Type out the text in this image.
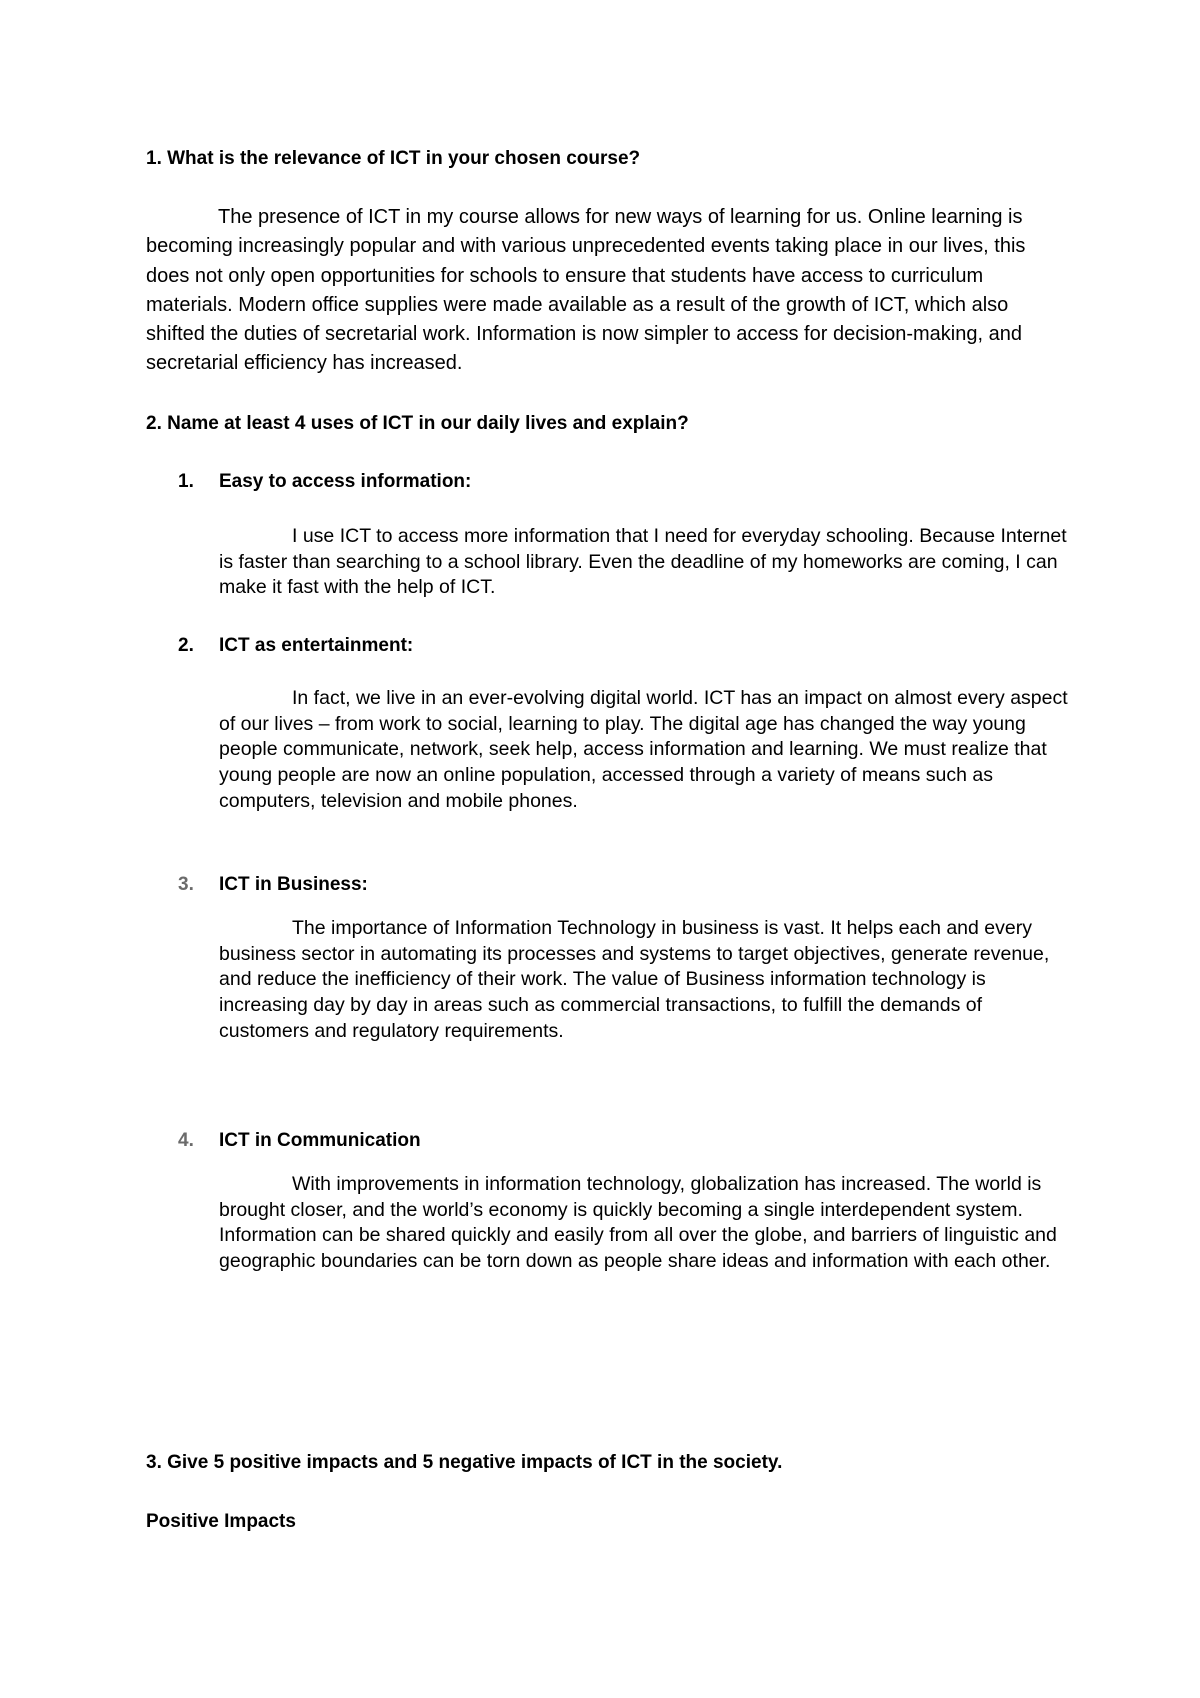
1. What is the relevance of ICT in your chosen course?

The presence of ICT in my course allows for new ways of learning for us. Online learning is becoming increasingly popular and with various unprecedented events taking place in our lives, this does not only open opportunities for schools to ensure that students have access to curriculum materials. Modern office supplies were made available as a result of the growth of ICT, which also shifted the duties of secretarial work. Information is now simpler to access for decision-making, and secretarial efficiency has increased.

2. Name at least 4 uses of ICT in our daily lives and explain?

1. Easy to access information:

I use ICT to access more information that I need for everyday schooling. Because Internet is faster than searching to a school library. Even the deadline of my homeworks are coming, I can make it fast with the help of ICT.

2. ICT as entertainment:

In fact, we live in an ever-evolving digital world. ICT has an impact on almost every aspect of our lives – from work to social, learning to play. The digital age has changed the way young people communicate, network, seek help, access information and learning. We must realize that young people are now an online population, accessed through a variety of means such as computers, television and mobile phones.

3. ICT in Business:

The importance of Information Technology in business is vast. It helps each and every business sector in automating its processes and systems to target objectives, generate revenue, and reduce the inefficiency of their work. The value of Business information technology is increasing day by day in areas such as commercial transactions, to fulfill the demands of customers and regulatory requirements.

4. ICT in Communication

With improvements in information technology, globalization has increased. The world is brought closer, and the world’s economy is quickly becoming a single interdependent system. Information can be shared quickly and easily from all over the globe, and barriers of linguistic and geographic boundaries can be torn down as people share ideas and information with each other.

3. Give 5 positive impacts and 5 negative impacts of ICT in the society.

Positive Impacts
